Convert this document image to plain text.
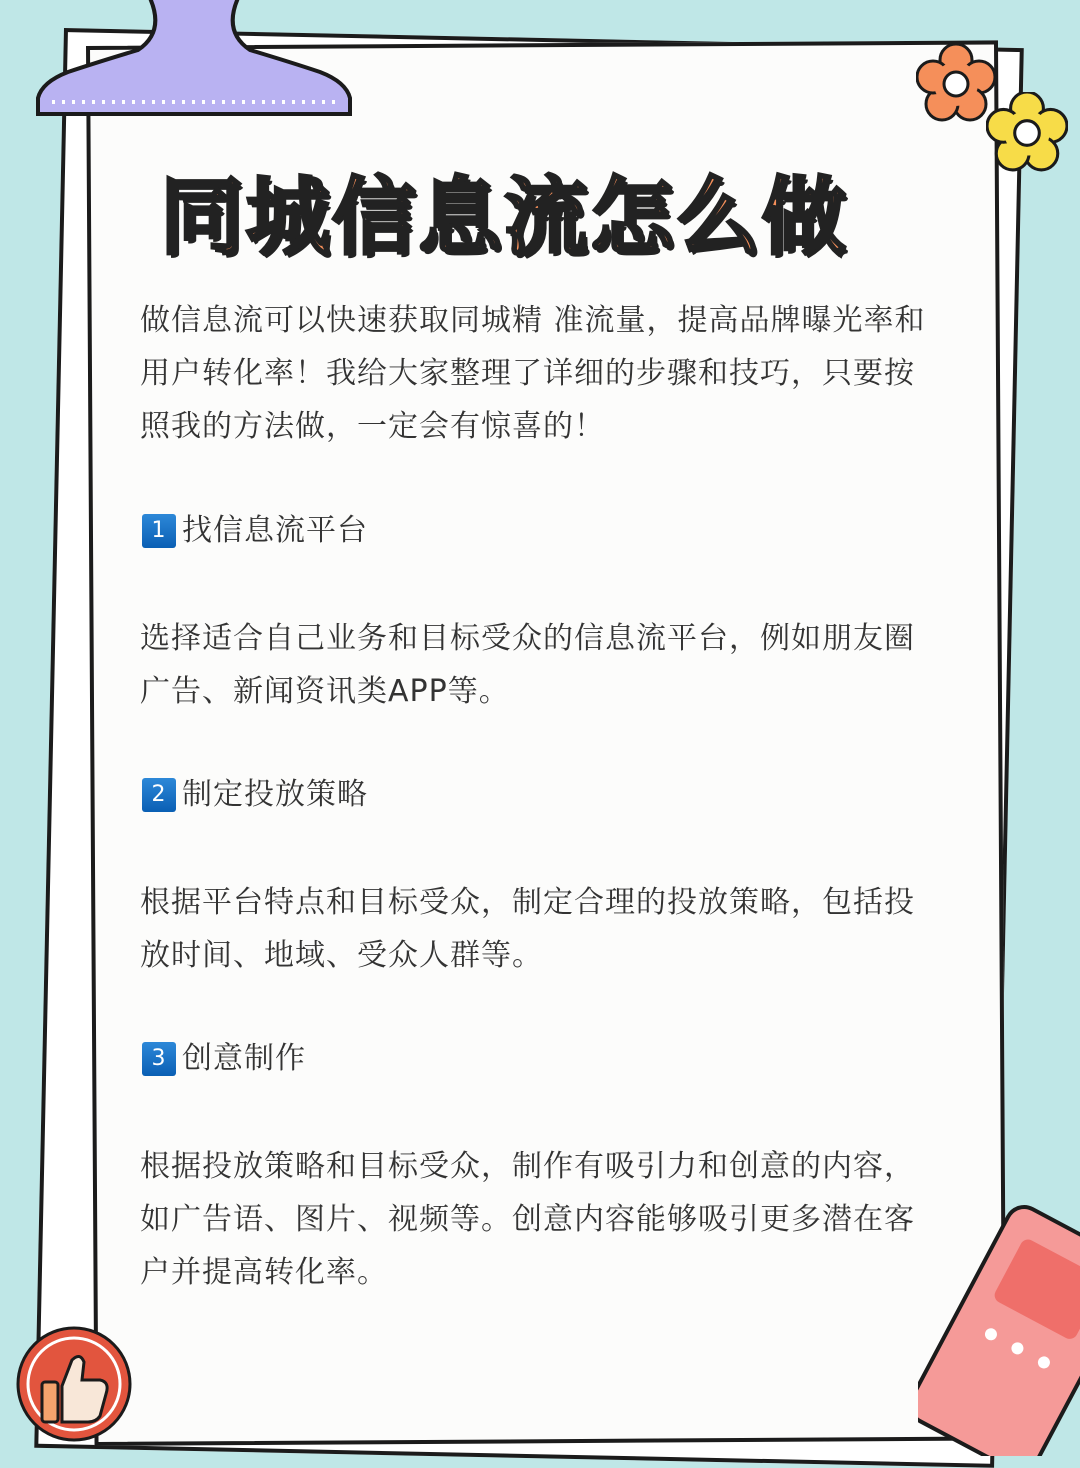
同城信息流怎么做

做信息流可以快速获取同城精 准流量，提高品牌曝光率和用户转化率！我给大家整理了详细的步骤和技巧，只要按照我的方法做，一定会有惊喜的！

1 找信息流平台

选择适合自己业务和目标受众的信息流平台，例如朋友圈广告、新闻资讯类APP等。

2 制定投放策略

根据平台特点和目标受众，制定合理的投放策略，包括投放时间、地域、受众人群等。

3 创意制作

根据投放策略和目标受众，制作有吸引力和创意的内容，如广告语、图片、视频等。创意内容能够吸引更多潜在客户并提高转化率。
